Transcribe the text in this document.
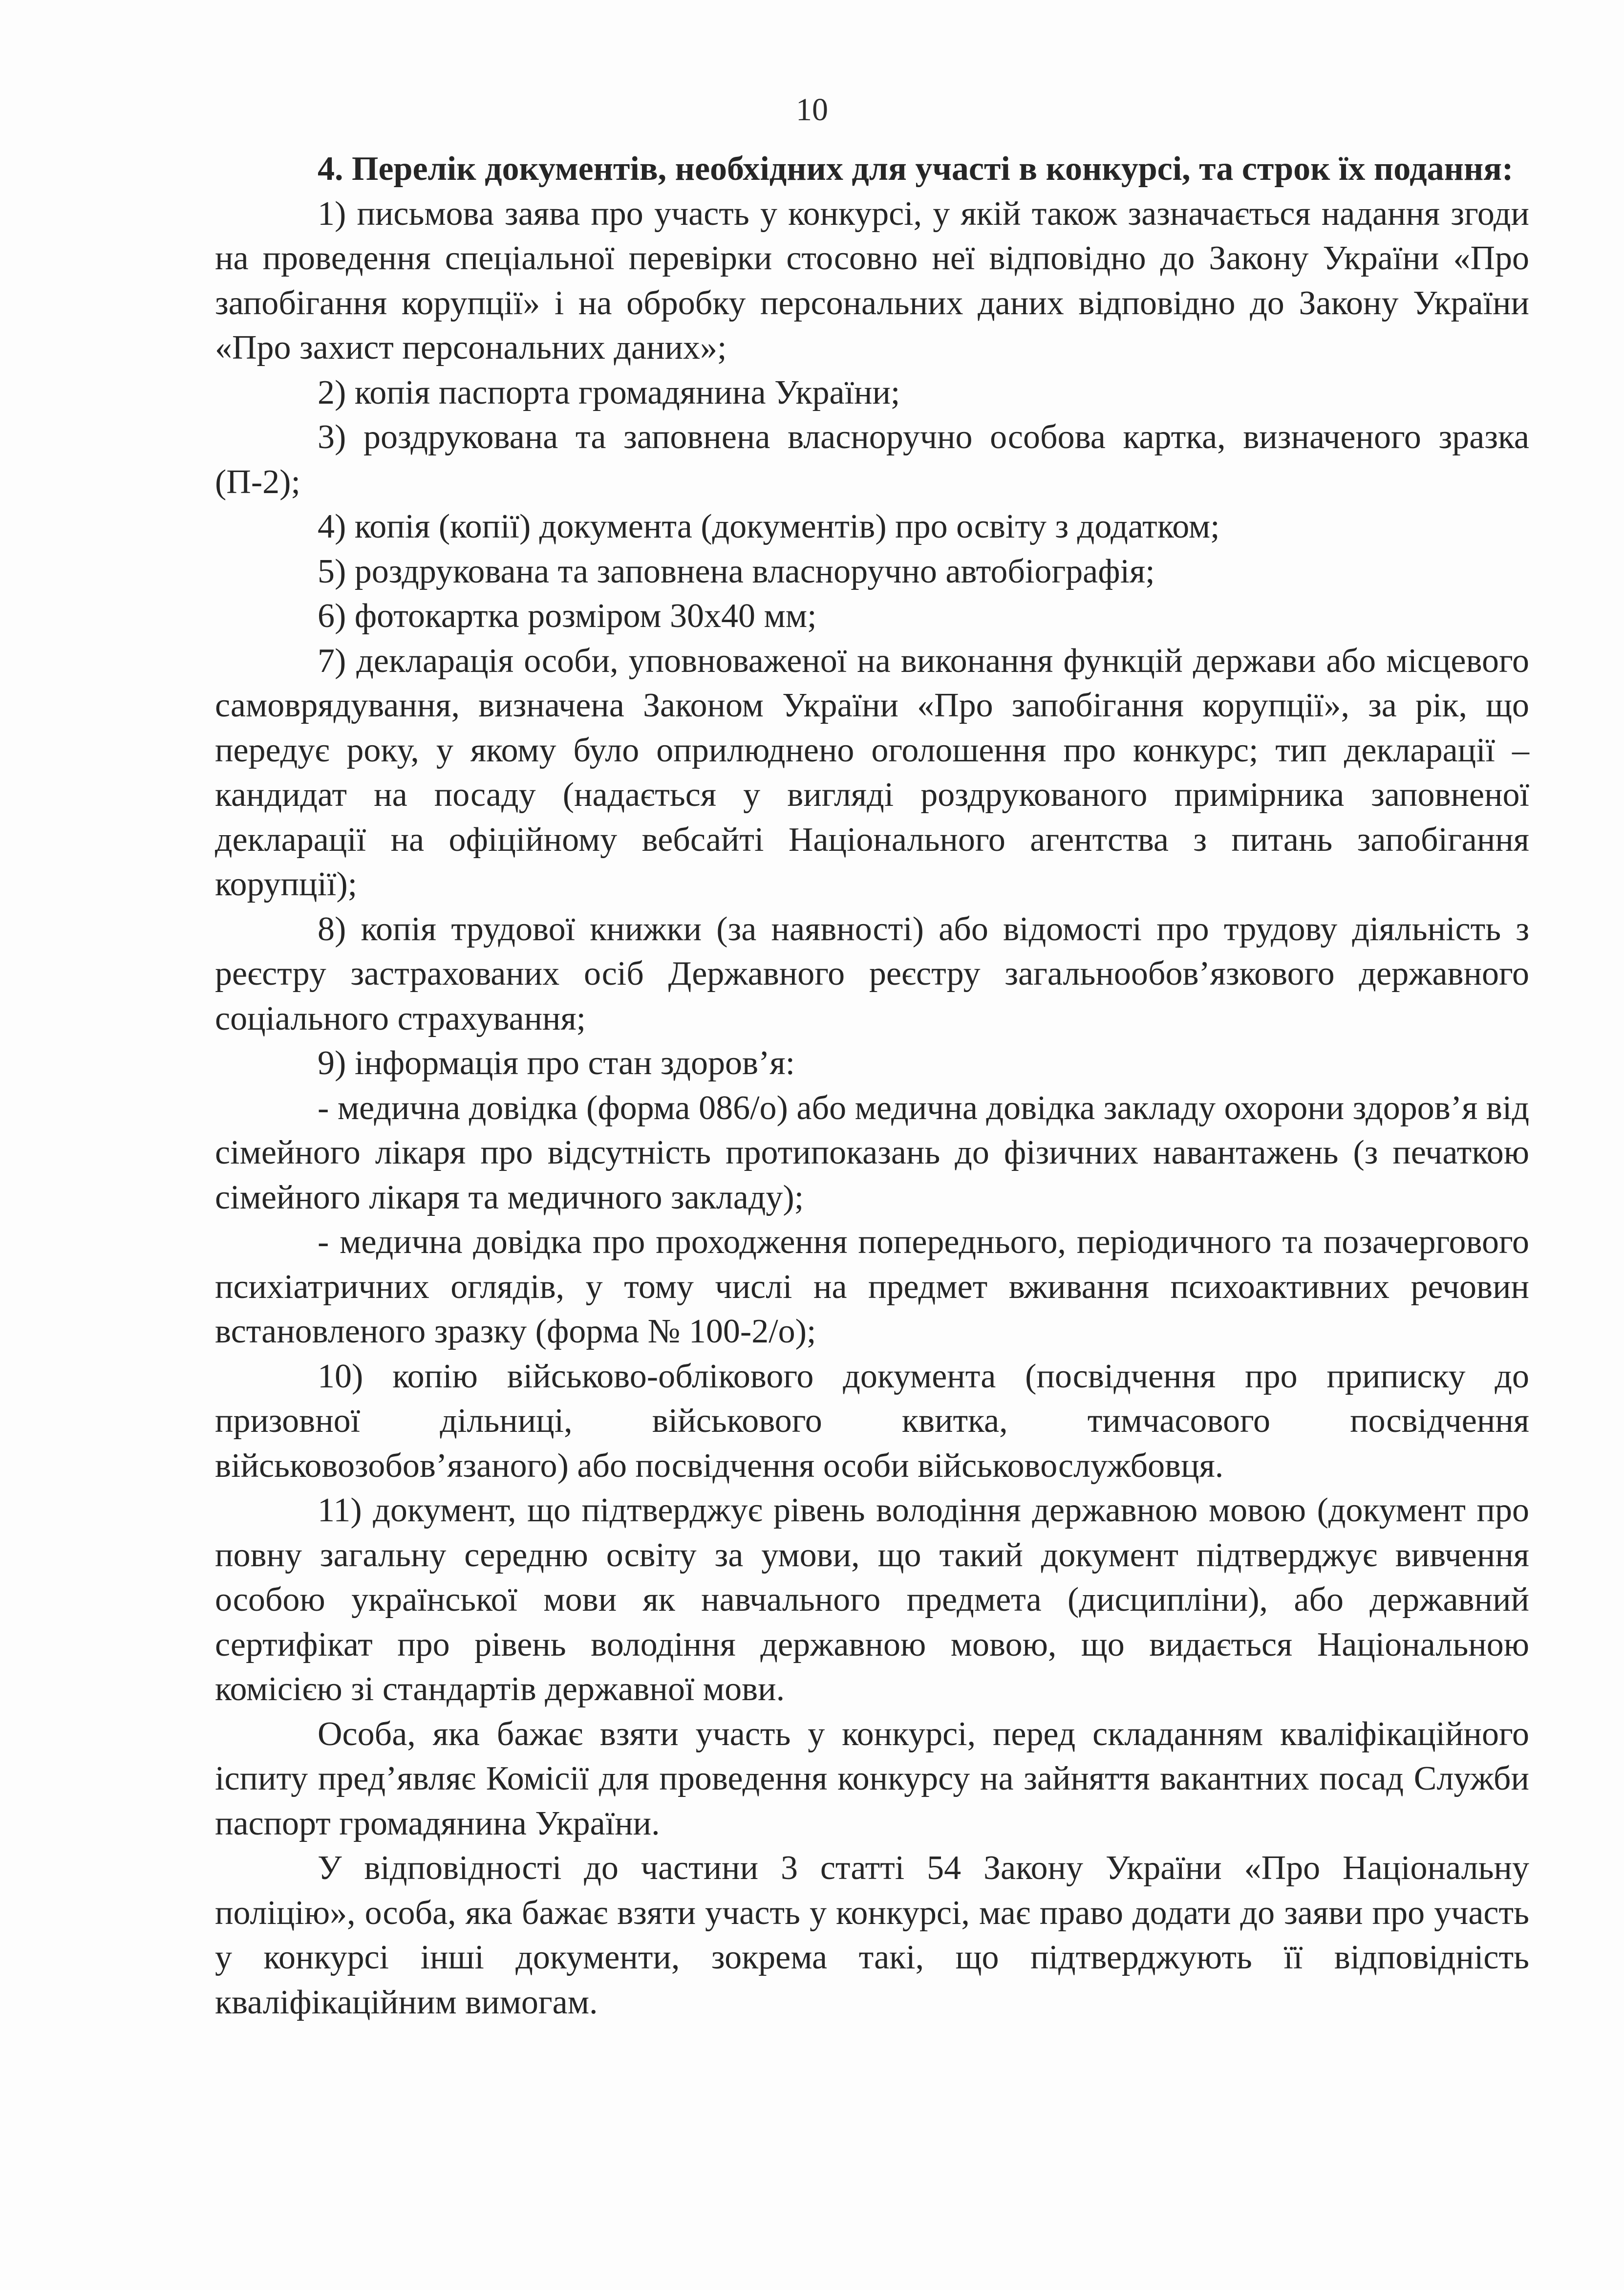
10

4. Перелік документів, необхідних для участі в конкурсі, та строк їх подання:

1) письмова заява про участь у конкурсі, у якій також зазначається надання згоди на проведення спеціальної перевірки стосовно неї відповідно до Закону України «Про запобігання корупції» і на обробку персональних даних відповідно до Закону України «Про захист персональних даних»;

2) копія паспорта громадянина України;

3) роздрукована та заповнена власноручно особова картка, визначеного зразка (П-2);

4) копія (копії) документа (документів) про освіту з додатком;

5) роздрукована та заповнена власноручно автобіографія;

6) фотокартка розміром 30х40 мм;

7) декларація особи, уповноваженої на виконання функцій держави або місцевого самоврядування, визначена Законом України «Про запобігання корупції», за рік, що передує року, у якому було оприлюднено оголошення про конкурс; тип декларації – кандидат на посаду (надається у вигляді роздрукованого примірника заповненої декларації на офіційному вебсайті Національного агентства з питань запобігання корупції);

8) копія трудової книжки (за наявності) або відомості про трудову діяльність з реєстру застрахованих осіб Державного реєстру загальнообов’язкового державного соціального страхування;

9) інформація про стан здоров’я:

- медична довідка (форма 086/о) або медична довідка закладу охорони здоров’я від сімейного лікаря про відсутність протипоказань до фізичних навантажень (з печаткою сімейного лікаря та медичного закладу);

- медична довідка про проходження попереднього, періодичного та позачергового психіатричних оглядів, у тому числі на предмет вживання психоактивних речовин встановленого зразку (форма № 100-2/о);

10) копію військово-облікового документа (посвідчення про приписку до призовної дільниці, військового квитка, тимчасового посвідчення військовозобов’язаного) або посвідчення особи військовослужбовця.

11) документ, що підтверджує рівень володіння державною мовою (документ про повну загальну середню освіту за умови, що такий документ підтверджує вивчення особою української мови як навчального предмета (дисципліни), або державний сертифікат про рівень володіння державною мовою, що видається Національною комісією зі стандартів державної мови.

Особа, яка бажає взяти участь у конкурсі, перед складанням кваліфікаційного іспиту пред’являє Комісії для проведення конкурсу на зайняття вакантних посад Служби паспорт громадянина України.

У відповідності до частини 3 статті 54 Закону України «Про Національну поліцію», особа, яка бажає взяти участь у конкурсі, має право додати до заяви про участь у конкурсі інші документи, зокрема такі, що підтверджують її відповідність кваліфікаційним вимогам.
